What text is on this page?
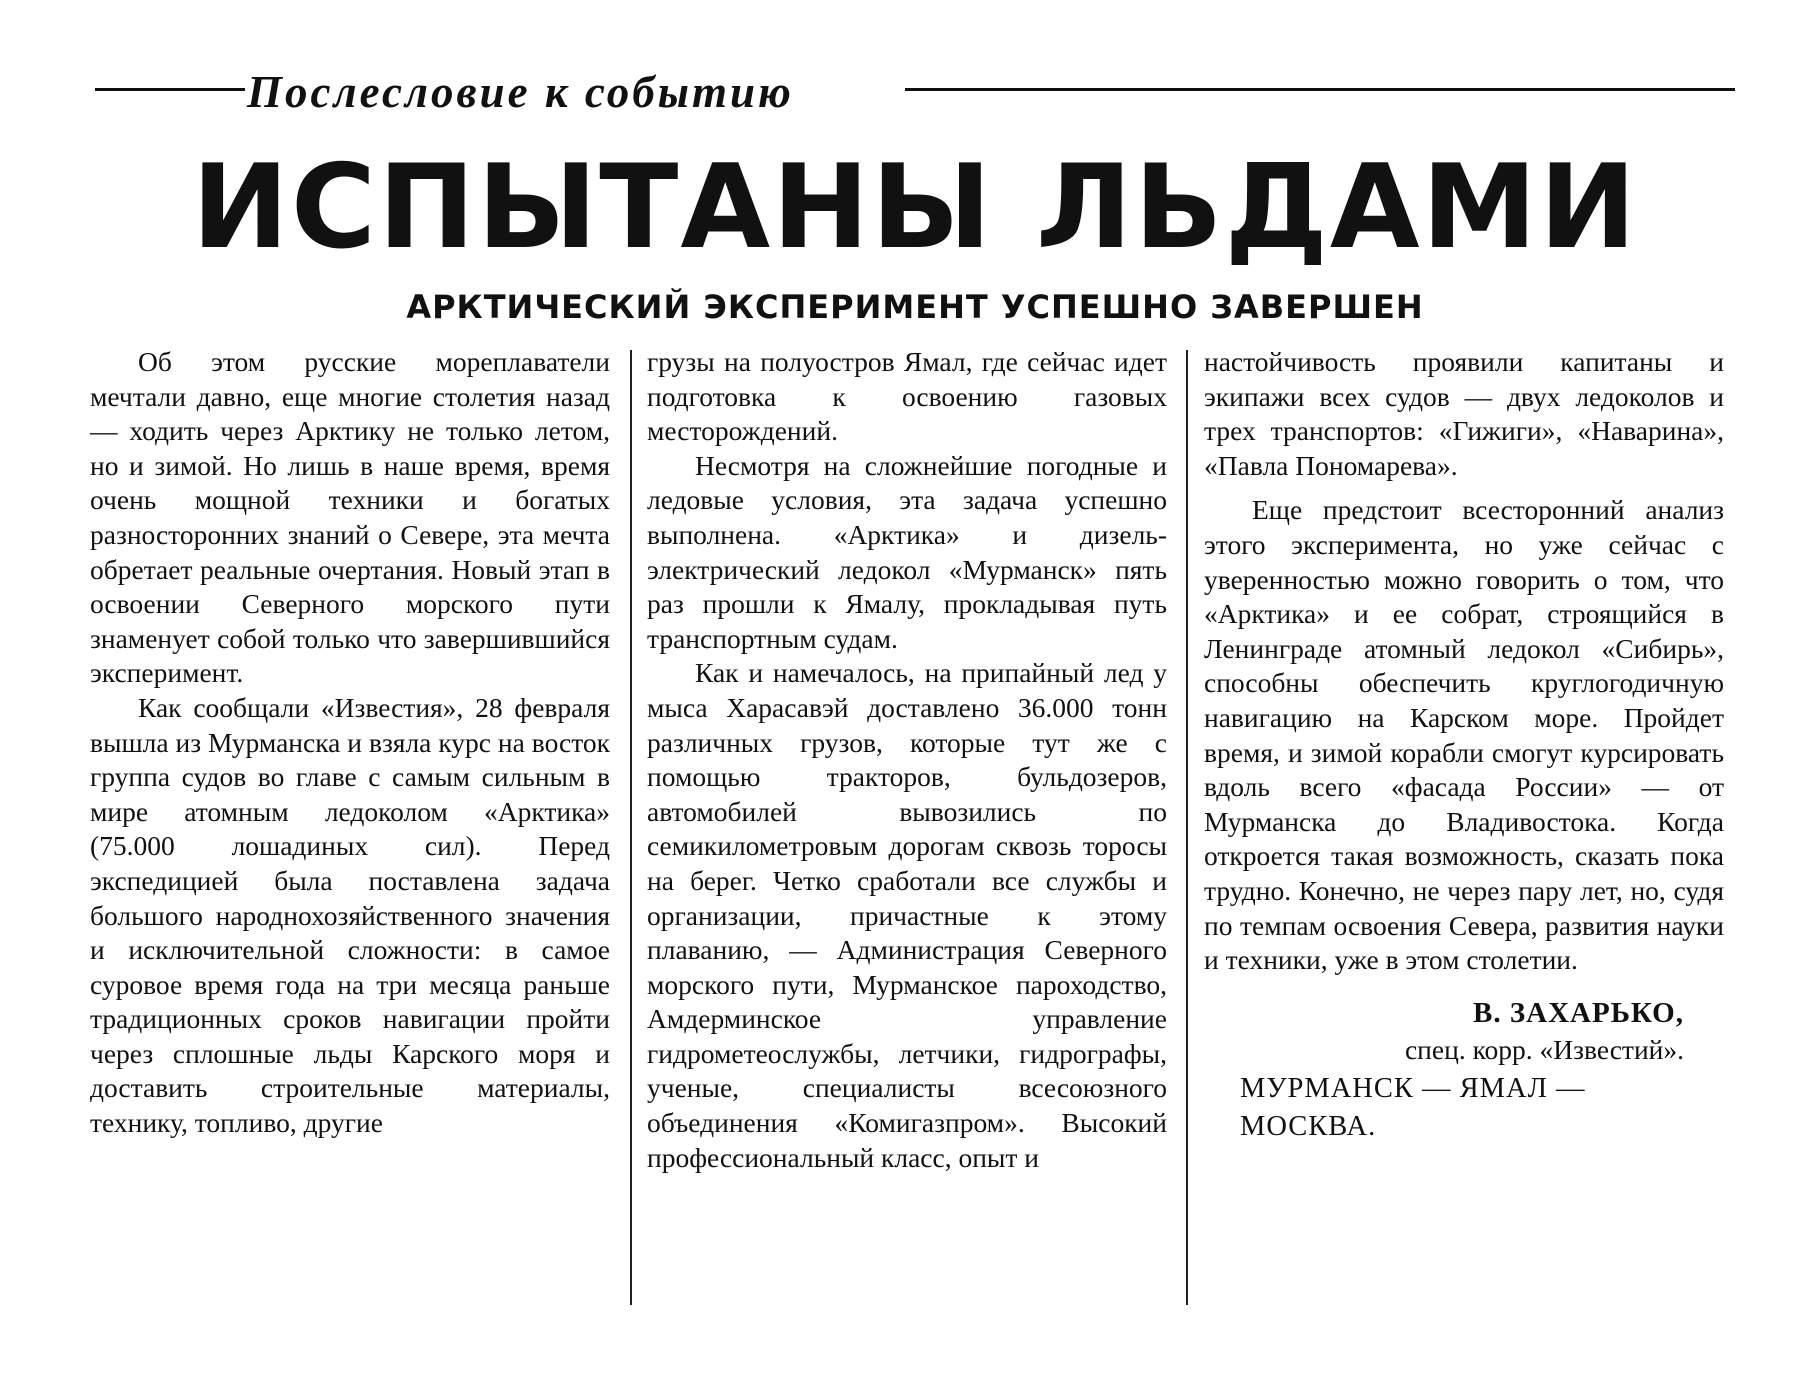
Послесловие к событию
ИСПЫТАНЫ ЛЬДАМИ
АРКТИЧЕСКИЙ ЭКСПЕРИМЕНТ УСПЕШНО ЗАВЕРШЕН

Об этом русские мореплаватели мечтали давно, еще многие столетия назад — ходить через Арктику не только летом, но и зимой. Но лишь в наше время, время очень мощной техники и богатых разносторонних знаний о Севере, эта мечта обретает реальные очертания. Новый этап в освоении Северного морского пути знаменует собой только что завершившийся эксперимент.

Как сообщали «Известия», 28 февраля вышла из Мурманска и взяла курс на восток группа судов во главе с самым сильным в мире атомным ледоколом «Арктика» (75.000 лошадиных сил). Перед экспедицией была поставлена задача большого народнохозяйственного значения и исключительной сложности: в самое суровое время года на три месяца раньше традиционных сроков навигации пройти через сплошные льды Карского моря и доставить строительные материалы, технику, топливо, другие

грузы на полуостров Ямал, где сейчас идет подготовка к освоению газовых месторождений.

Несмотря на сложнейшие погодные и ледовые условия, эта задача успешно выполнена. «Арктика» и дизель-электрический ледокол «Мурманск» пять раз прошли к Ямалу, прокладывая путь транспортным судам.

Как и намечалось, на припайный лед у мыса Харасавэй доставлено 36.000 тонн различных грузов, которые тут же с помощью тракторов, бульдозеров, автомобилей вывозились по семикилометровым дорогам сквозь торосы на берег. Четко сработали все службы и организации, причастные к этому плаванию, — Администрация Северного морского пути, Мурманское пароходство, Амдерминское управление гидрометеослужбы, летчики, гидрографы, ученые, специалисты всесоюзного объединения «Комигазпром». Высокий профессиональный класс, опыт и

настойчивость проявили капитаны и экипажи всех судов — двух ледоколов и трех транспортов: «Гижиги», «Наварина», «Павла Пономарева».

Еще предстоит всесторонний анализ этого эксперимента, но уже сейчас с уверенностью можно говорить о том, что «Арктика» и ее собрат, строящийся в Ленинграде атомный ледокол «Сибирь», способны обеспечить круглогодичную навигацию на Карском море. Пройдет время, и зимой корабли смогут курсировать вдоль всего «фасада России» — от Мурманска до Владивостока. Когда откроется такая возможность, сказать пока трудно. Конечно, не через пару лет, но, судя по темпам освоения Севера, развития науки и техники, уже в этом столетии.

В. ЗАХАРЬКО,
спец. корр. «Известий».
МУРМАНСК — ЯМАЛ —
МОСКВА.
